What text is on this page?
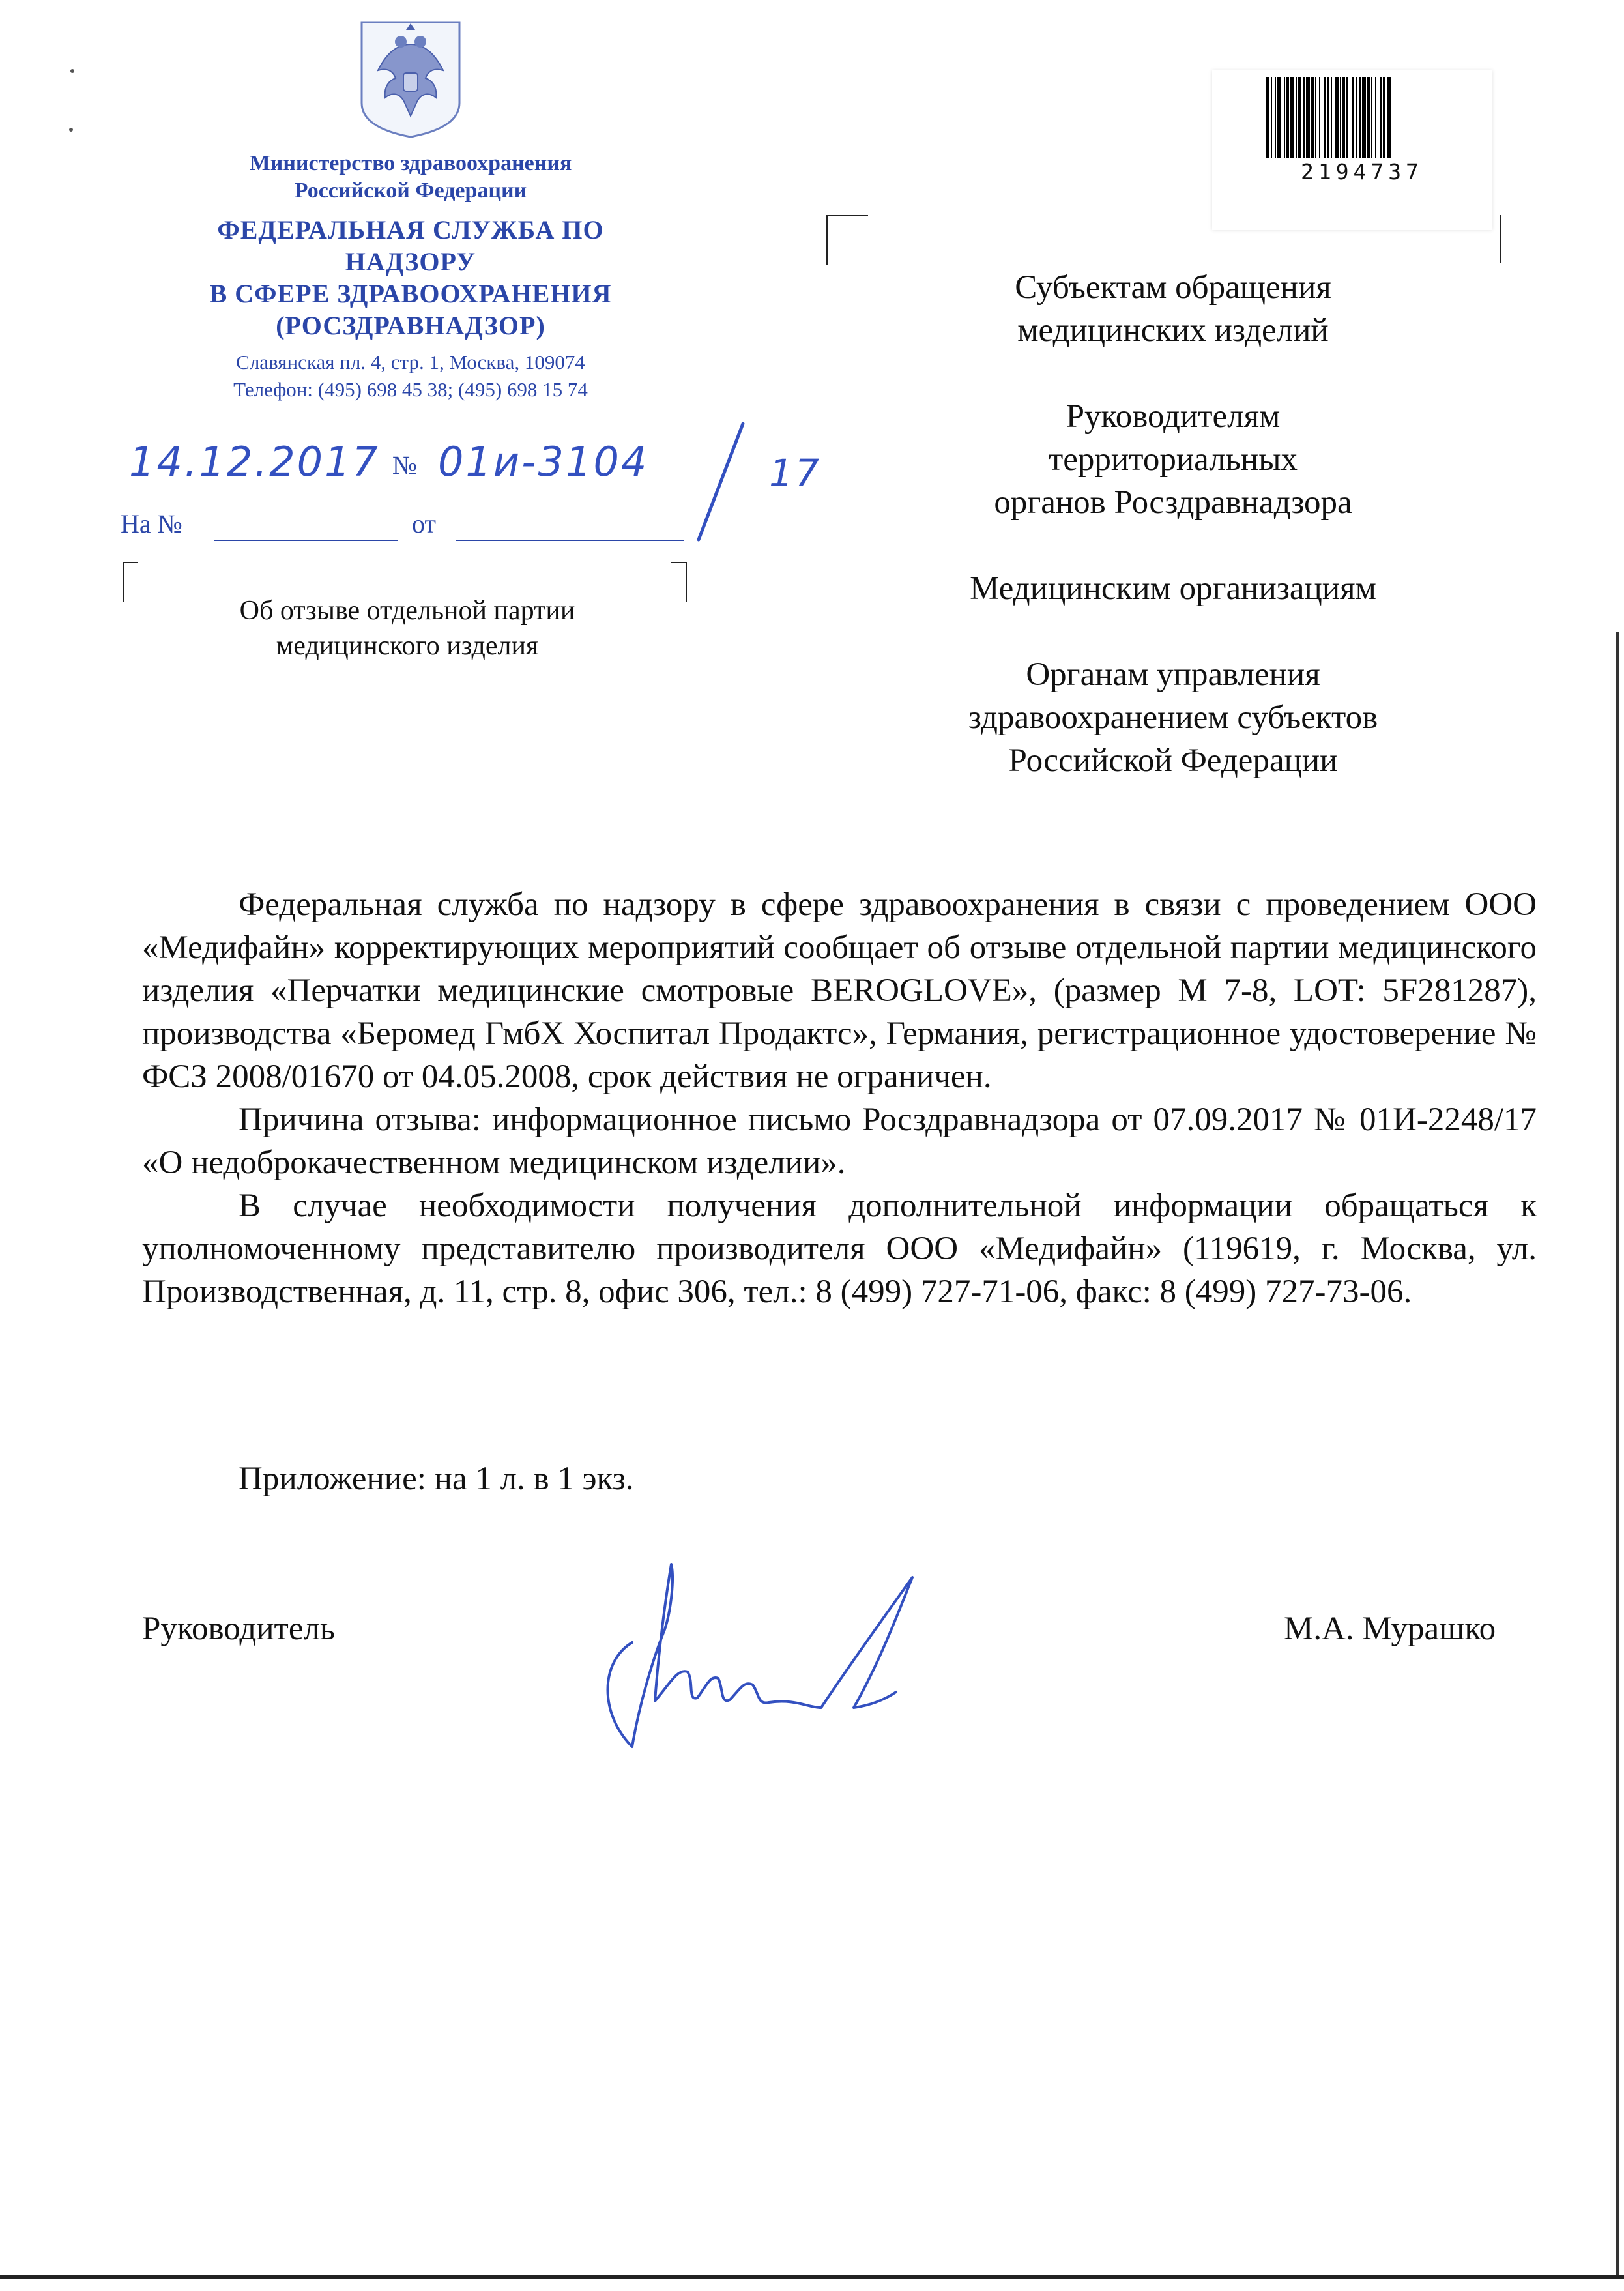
Министерство здравоохранения
Российской Федерации
ФЕДЕРАЛЬНАЯ СЛУЖБА ПО НАДЗОРУ
В СФЕРЕ ЗДРАВООХРАНЕНИЯ
(РОСЗДРАВНАДЗОР)
Славянская пл. 4, стр. 1, Москва, 109074
Телефон: (495) 698 45 38; (495) 698 15 74
14.12.2017 № 01и-3104	17
На №	от
Об отзыве отдельной партии
медицинского изделия
2194737
Субъектам обращения
медицинских изделий
Руководителям
территориальных
органов Росздравнадзора
Медицинским организациям
Органам управления
здравоохранением субъектов
Российской Федерации

Федеральная служба по надзору в сфере здравоохранения в связи с проведением ООО «Медифайн» корректирующих мероприятий сообщает об отзыве отдельной партии медицинского изделия «Перчатки медицинские смотровые BEROGLOVE», (размер М 7-8, LOT: 5F281287), производства «Беромед ГмбХ Хоспитал Продактс», Германия, регистрационное удостоверение № ФСЗ 2008/01670 от 04.05.2008, срок действия не ограничен.

Причина отзыва: информационное письмо Росздравнадзора от 07.09.2017 № 01И-2248/17 «О недоброкачественном медицинском изделии».

В случае необходимости получения дополнительной информации обращаться к уполномоченному представителю производителя ООО «Медифайн» (119619, г. Москва, ул. Производственная, д. 11, стр. 8, офис 306, тел.: 8 (499) 727-71-06, факс: 8 (499) 727-73-06.

Приложение: на 1 л. в 1 экз.
Руководитель	М.А. Мурашко
